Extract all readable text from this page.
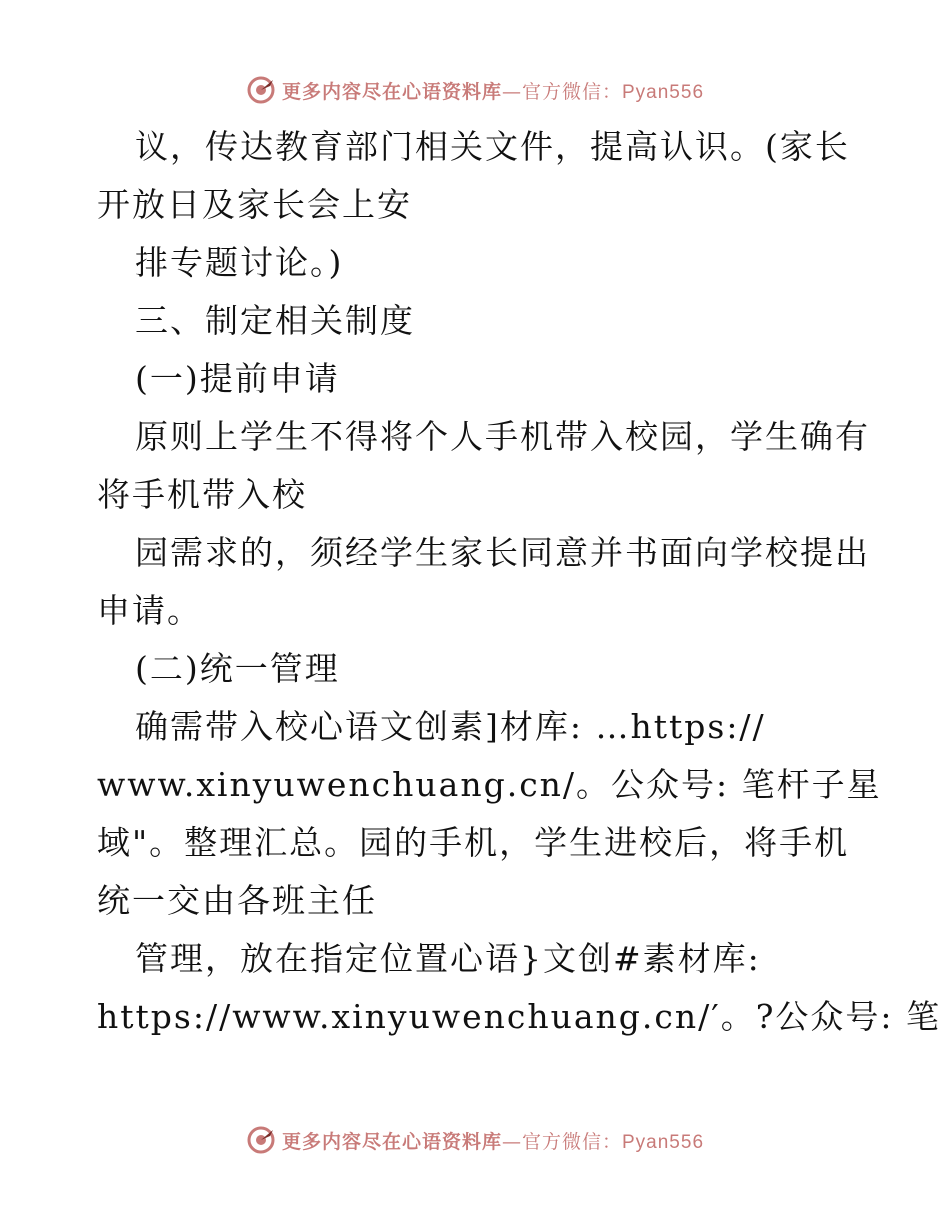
更多内容尽在心语资料库—官方微信：Pyan556
议，传达教育部门相关文件，提高认识。(家长
开放日及家长会上安
排专题讨论。)
三、制定相关制度
(一)提前申请
原则上学生不得将个人手机带入校园，学生确有
将手机带入校
园需求的，须经学生家长同意并书面向学校提出
申请。
(二)统一管理
确需带入校心语文创素]材库: …https://
www.xinyuwenchuang.cn/。公众号: 笔杆子星
域"。整理汇总。园的手机，学生进校后，将手机
统一交由各班主任
管理，放在指定位置心语}文创#素材库:
https://www.xinyuwenchuang.cn/′。?公众号: 笔
更多内容尽在心语资料库—官方微信：Pyan556
